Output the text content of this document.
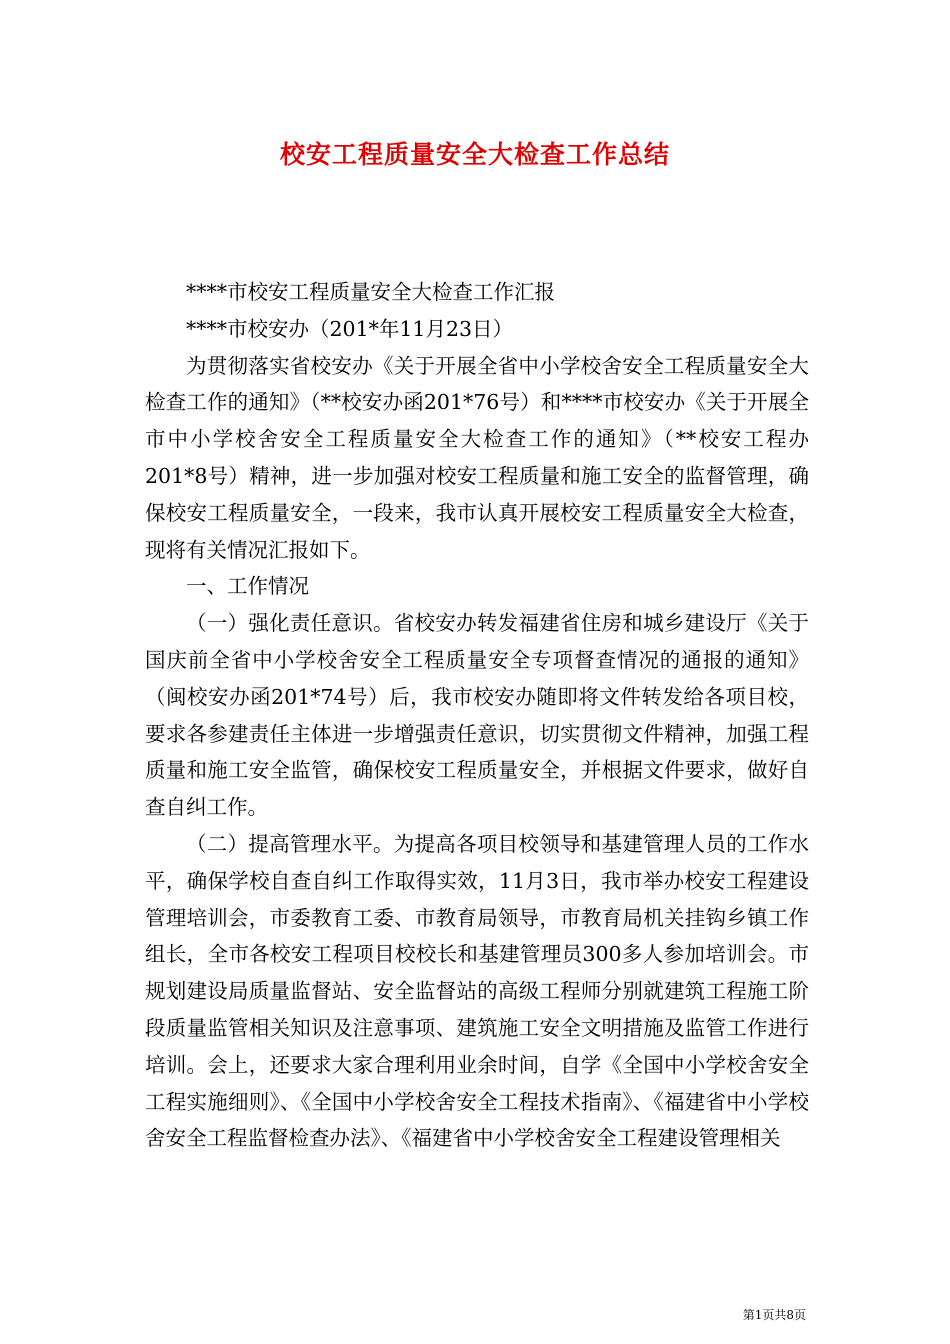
校安工程质量安全大检查工作总结

****市校安工程质量安全大检查工作汇报

****市校安办（201*年11月23日）

为贯彻落实省校安办《关于开展全省中小学校舍安全工程质量安全大检查工作的通知》（**校安办函201*76号）和****市校安办《关于开展全市中小学校舍安全工程质量安全大检查工作的通知》（**校安工程办201*8号）精神，进一步加强对校安工程质量和施工安全的监督管理，确保校安工程质量安全，一段来，我市认真开展校安工程质量安全大检查，现将有关情况汇报如下。

一、工作情况

（一）强化责任意识。省校安办转发福建省住房和城乡建设厅《关于国庆前全省中小学校舍安全工程质量安全专项督查情况的通报的通知》（闽校安办函201*74号）后，我市校安办随即将文件转发给各项目校，要求各参建责任主体进一步增强责任意识，切实贯彻文件精神，加强工程质量和施工安全监管，确保校安工程质量安全，并根据文件要求，做好自查自纠工作。

（二）提高管理水平。为提高各项目校领导和基建管理人员的工作水平，确保学校自查自纠工作取得实效，11月3日，我市举办校安工程建设管理培训会，市委教育工委、市教育局领导，市教育局机关挂钩乡镇工作组长，全市各校安工程项目校校长和基建管理员300多人参加培训会。市规划建设局质量监督站、安全监督站的高级工程师分别就建筑工程施工阶段质量监管相关知识及注意事项、建筑施工安全文明措施及监管工作进行培训。会上，还要求大家合理利用业余时间，自学《全国中小学校舍安全工程实施细则》、《全国中小学校舍安全工程技术指南》、《福建省中小学校舍安全工程监督检查办法》、《福建省中小学校舍安全工程建设管理相关

第1页共8页
